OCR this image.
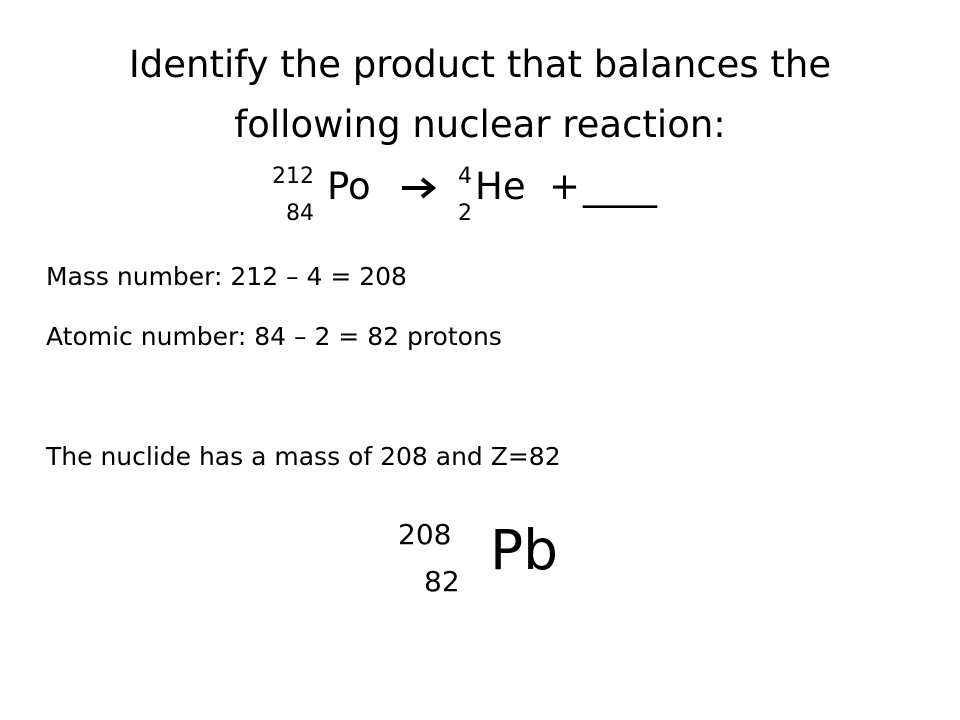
Identify the product that balances the
following nuclear reaction:
212
84
Po	4
2
He + ____
Mass number: 212 – 4 = 208
Atomic number: 84 – 2 = 82 protons
The nuclide has a mass of 208 and Z=82
208
82 Pb
